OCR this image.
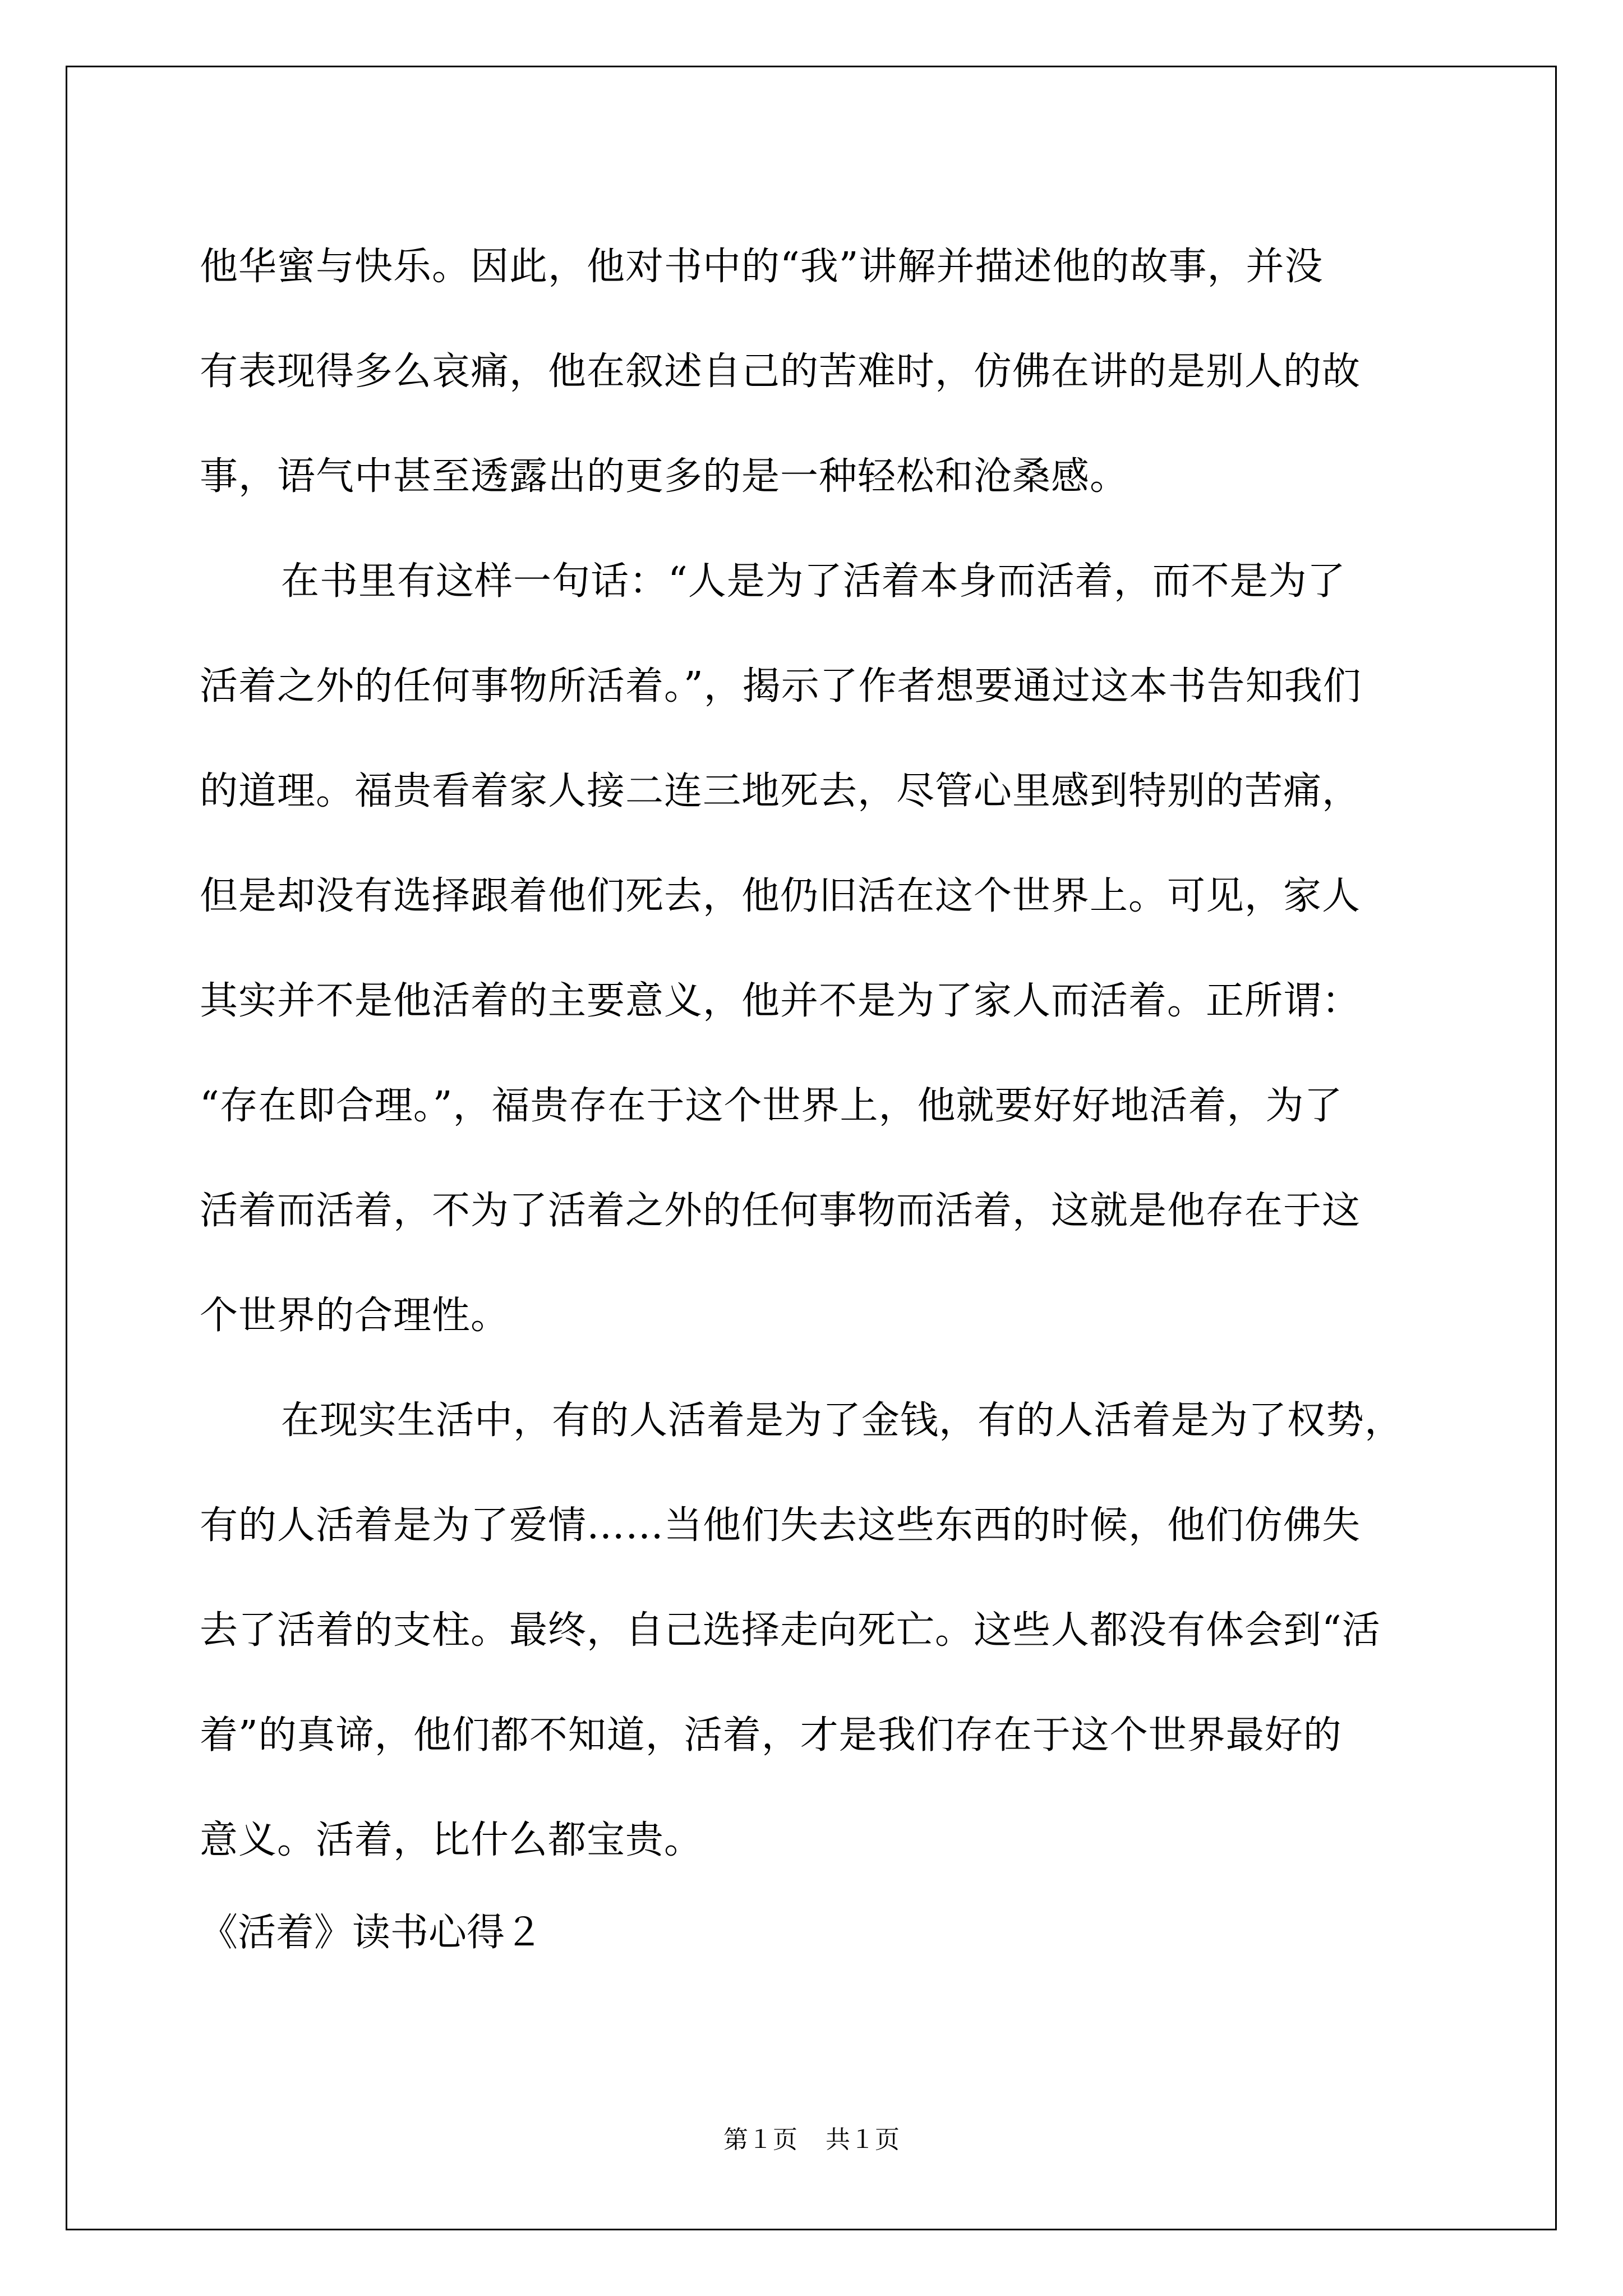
他华蜜与快乐。因此，他对书中的“我”讲解并描述他的故事，并没
有表现得多么哀痛，他在叙述自己的苦难时，仿佛在讲的是别人的故
事，语气中甚至透露出的更多的是一种轻松和沧桑感。
在书里有这样一句话：“人是为了活着本身而活着，而不是为了
活着之外的任何事物所活着。”，揭示了作者想要通过这本书告知我们
的道理。福贵看着家人接二连三地死去，尽管心里感到特别的苦痛，
但是却没有选择跟着他们死去，他仍旧活在这个世界上。可见，家人
其实并不是他活着的主要意义，他并不是为了家人而活着。正所谓：
“存在即合理。”，福贵存在于这个世界上，他就要好好地活着，为了
活着而活着，不为了活着之外的任何事物而活着，这就是他存在于这
个世界的合理性。
在现实生活中，有的人活着是为了金钱，有的人活着是为了权势，
有的人活着是为了爱情……当他们失去这些东西的时候，他们仿佛失
去了活着的支柱。最终，自己选择走向死亡。这些人都没有体会到“活
着”的真谛，他们都不知道，活着，才是我们存在于这个世界最好的
意义。活着，比什么都宝贵。
《活着》读书心得２
第１页 共１页
